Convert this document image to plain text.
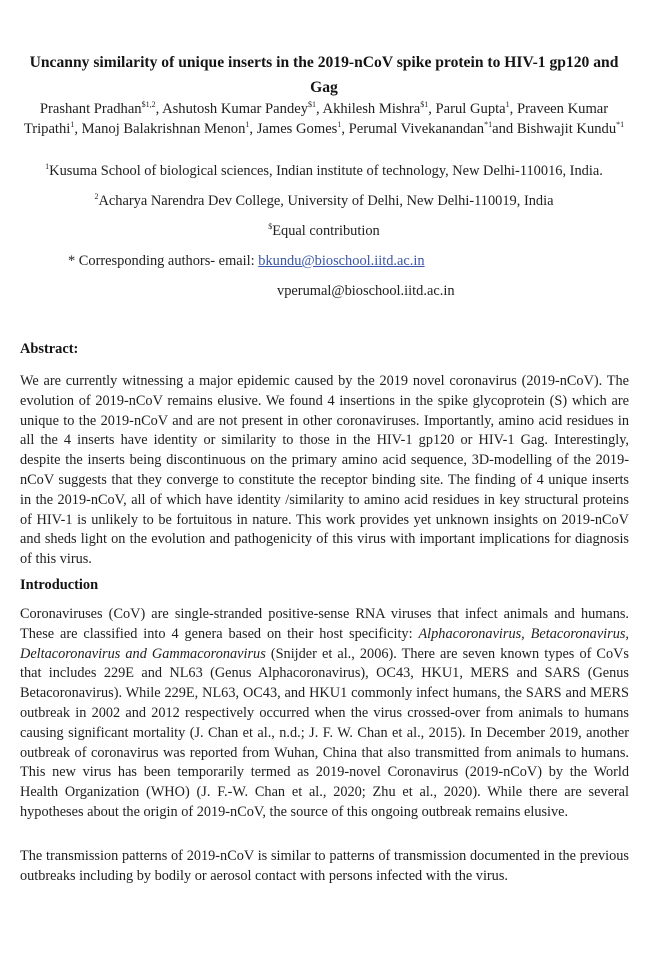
Uncanny similarity of unique inserts in the 2019-nCoV spike protein to HIV-1 gp120 and Gag
Prashant Pradhan$^{\$1,2}$, Ashutosh Kumar Pandey$^{\$1}$, Akhilesh Mishra$^{\$1}$, Parul Gupta$^1$, Praveen Kumar Tripathi$^1$, Manoj Balakrishnan Menon$^1$, James Gomes$^1$, Perumal Vivekanandan$^{*1}$and Bishwajit Kundu$^{*1}$
$^1$Kusuma School of biological sciences, Indian institute of technology, New Delhi-110016, India.
$^2$Acharya Narendra Dev College, University of Delhi, New Delhi-110019, India
$Equal contribution
* Corresponding authors- email: bkundu@bioschool.iitd.ac.in
vperumal@bioschool.iitd.ac.in
Abstract:
We are currently witnessing a major epidemic caused by the 2019 novel coronavirus (2019-nCoV). The evolution of 2019-nCoV remains elusive. We found 4 insertions in the spike glycoprotein (S) which are unique to the 2019-nCoV and are not present in other coronaviruses. Importantly, amino acid residues in all the 4 inserts have identity or similarity to those in the HIV-1 gp120 or HIV-1 Gag. Interestingly, despite the inserts being discontinuous on the primary amino acid sequence, 3D-modelling of the 2019-nCoV suggests that they converge to constitute the receptor binding site. The finding of 4 unique inserts in the 2019-nCoV, all of which have identity /similarity to amino acid residues in key structural proteins of HIV-1 is unlikely to be fortuitous in nature. This work provides yet unknown insights on 2019-nCoV and sheds light on the evolution and pathogenicity of this virus with important implications for diagnosis of this virus.
Introduction
Coronaviruses (CoV) are single-stranded positive-sense RNA viruses that infect animals and humans. These are classified into 4 genera based on their host specificity: Alphacoronavirus, Betacoronavirus, Deltacoronavirus and Gammacoronavirus (Snijder et al., 2006). There are seven known types of CoVs that includes 229E and NL63 (Genus Alphacoronavirus), OC43, HKU1, MERS and SARS (Genus Betacoronavirus). While 229E, NL63, OC43, and HKU1 commonly infect humans, the SARS and MERS outbreak in 2002 and 2012 respectively occurred when the virus crossed-over from animals to humans causing significant mortality (J. Chan et al., n.d.; J. F. W. Chan et al., 2015). In December 2019, another outbreak of coronavirus was reported from Wuhan, China that also transmitted from animals to humans. This new virus has been temporarily termed as 2019-novel Coronavirus (2019-nCoV) by the World Health Organization (WHO) (J. F.-W. Chan et al., 2020; Zhu et al., 2020). While there are several hypotheses about the origin of 2019-nCoV, the source of this ongoing outbreak remains elusive.
The transmission patterns of 2019-nCoV is similar to patterns of transmission documented in the previous outbreaks including by bodily or aerosol contact with persons infected with the virus.
